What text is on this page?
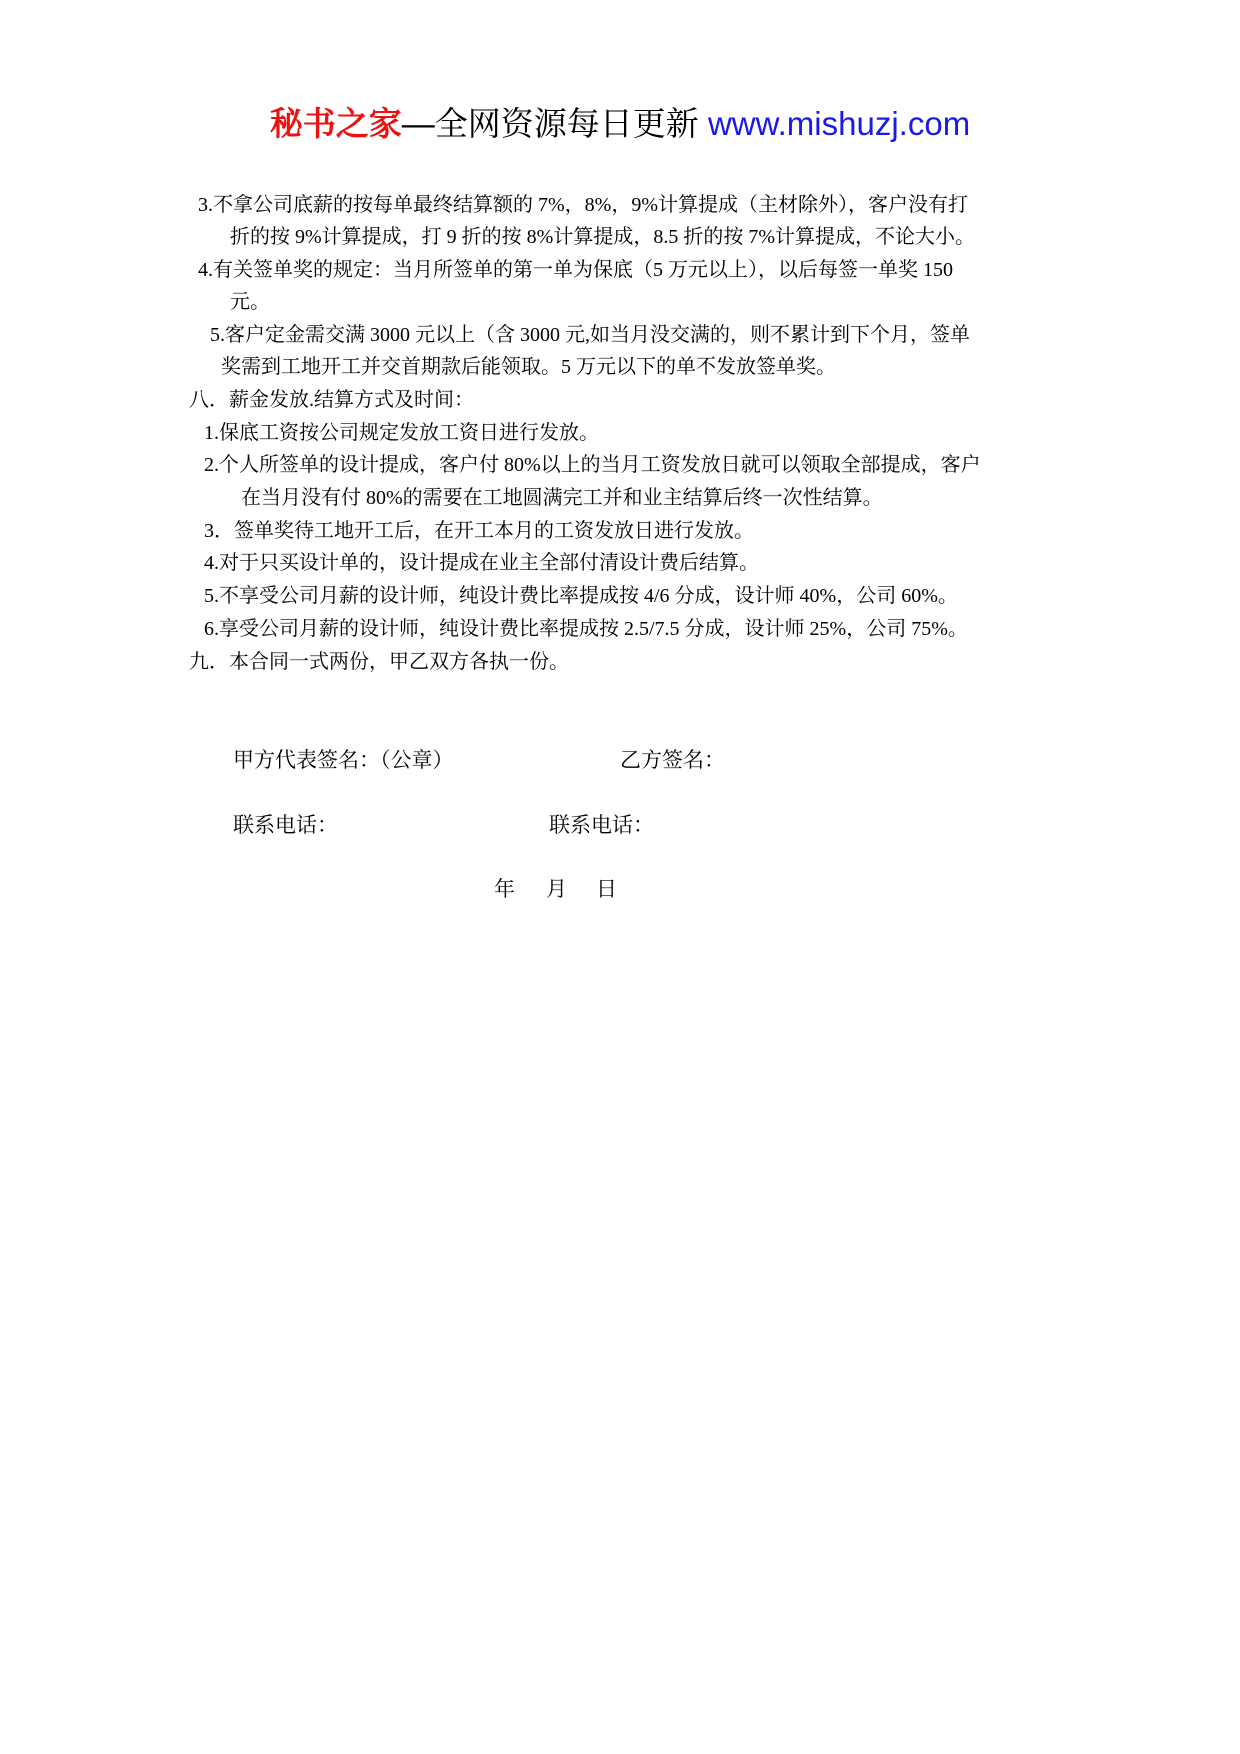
秘书之家—全网资源每日更新 www.mishuzj.com
3.不拿公司底薪的按每单最终结算额的 7%，8%，9%计算提成（主材除外），客户没有打
折的按 9%计算提成，打 9 折的按 8%计算提成，8.5 折的按 7%计算提成，不论大小。
4.有关签单奖的规定：当月所签单的第一单为保底（5 万元以上），以后每签一单奖 150
元。
5.客户定金需交满 3000 元以上（含 3000 元,如当月没交满的，则不累计到下个月，签单
奖需到工地开工并交首期款后能领取。5 万元以下的单不发放签单奖。
八．薪金发放.结算方式及时间：
1.保底工资按公司规定发放工资日进行发放。
2.个人所签单的设计提成，客户付 80%以上的当月工资发放日就可以领取全部提成，客户
在当月没有付 80%的需要在工地圆满完工并和业主结算后终一次性结算。
3．签单奖待工地开工后，在开工本月的工资发放日进行发放。
4.对于只买设计单的，设计提成在业主全部付清设计费后结算。
5.不享受公司月薪的设计师，纯设计费比率提成按 4/6 分成，设计师 40%，公司 60%。
6.享受公司月薪的设计师，纯设计费比率提成按 2.5/7.5 分成，设计师 25%，公司 75%。
九．本合同一式两份，甲乙双方各执一份。
甲方代表签名：（公章）	乙方签名：
联系电话：	联系电话：
年 月 日
